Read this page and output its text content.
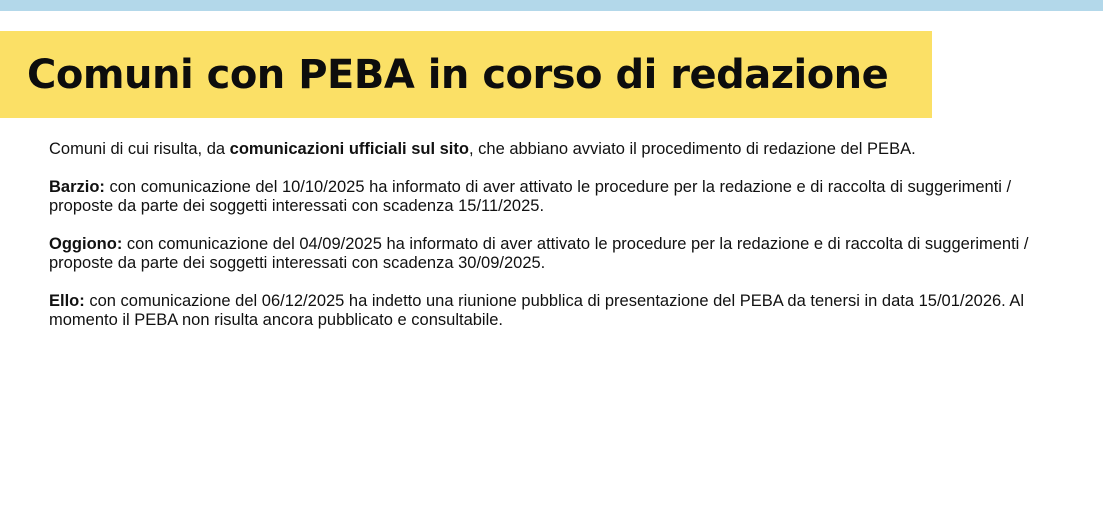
Comuni con PEBA in corso di redazione

Comuni di cui risulta, da comunicazioni ufficiali sul sito, che abbiano avviato il procedimento di redazione del PEBA.

Barzio: con comunicazione del 10/10/2025 ha informato di aver attivato le procedure per la redazione e di raccolta di suggerimenti / proposte da parte dei soggetti interessati con scadenza 15/11/2025.

Oggiono: con comunicazione del 04/09/2025 ha informato di aver attivato le procedure per la redazione e di raccolta di suggerimenti / proposte da parte dei soggetti interessati con scadenza 30/09/2025.

Ello: con comunicazione del 06/12/2025 ha indetto una riunione pubblica di presentazione del PEBA da tenersi in data 15/01/2026. Al momento il PEBA non risulta ancora pubblicato e consultabile.
